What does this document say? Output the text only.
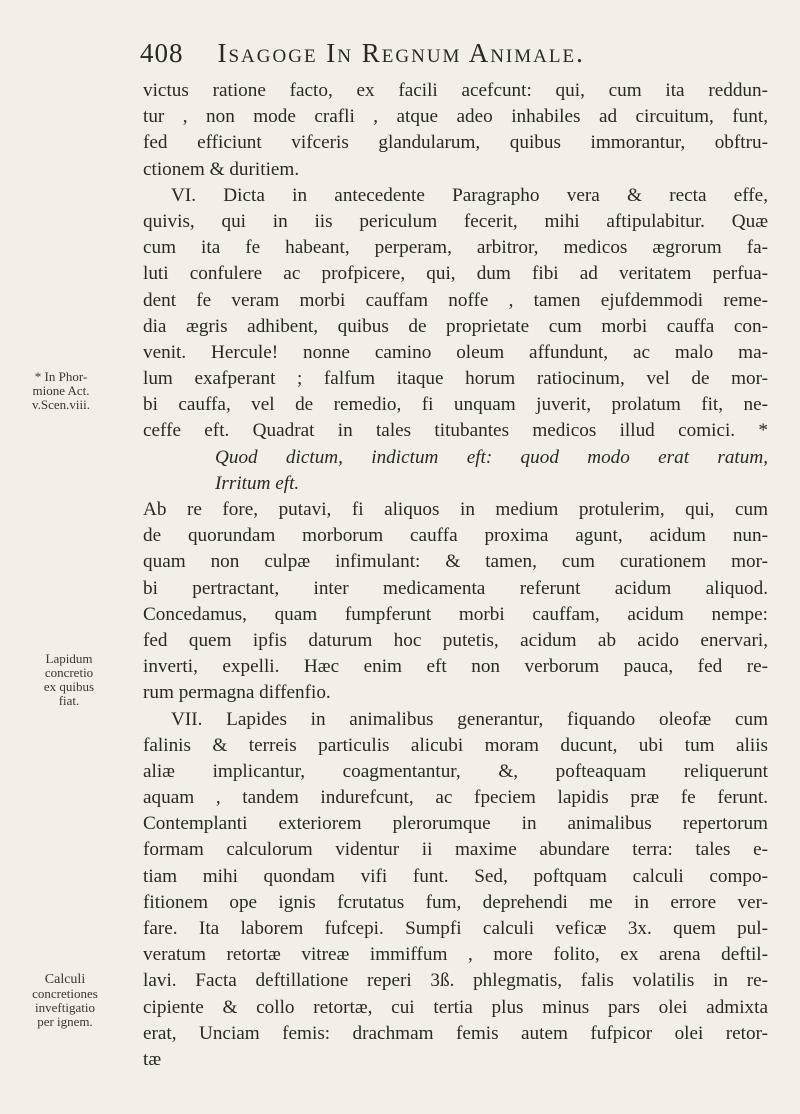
408 Isagoge In Regnum Animale.
victus ratione facto, ex facili acefcunt: qui, cum ita reddun-
tur , non mode crafli , atque adeo inhabiles ad circuitum, funt,
fed efficiunt vifceris glandularum, quibus immorantur, obftru-
ctionem & duritiem.
VI. Dicta in antecedente Paragrapho vera & recta effe,
quivis, qui in iis periculum fecerit, mihi aftipulabitur. Quæ
cum ita fe habeant, perperam, arbitror, medicos ægrorum fa-
luti confulere ac profpicere, qui, dum fibi ad veritatem perfua-
dent fe veram morbi cauffam noffe , tamen ejufdemmodi reme-
dia ægris adhibent, quibus de proprietate cum morbi cauffa con-
venit. Hercule! nonne camino oleum affundunt, ac malo ma-
lum exafperant ; falfum itaque horum ratiocinum, vel de mor-
bi cauffa, vel de remedio, fi unquam juverit, prolatum fit, ne-
ceffe eft. Quadrat in tales titubantes medicos illud comici. *
Quod dictum, indictum eft: quod modo erat ratum,
Irritum eft.
Ab re fore, putavi, fi aliquos in medium protulerim, qui, cum
de quorundam morborum cauffa proxima agunt, acidum nun-
quam non culpæ infimulant: & tamen, cum curationem mor-
bi pertractant, inter medicamenta referunt acidum aliquod.
Concedamus, quam fumpferunt morbi cauffam, acidum nempe:
fed quem ipfis daturum hoc putetis, acidum ab acido enervari,
inverti, expelli. Hæc enim eft non verborum pauca, fed re-
rum permagna diffenfio.
VII. Lapides in animalibus generantur, fiquando oleofæ cum
falinis & terreis particulis alicubi moram ducunt, ubi tum aliis
aliæ implicantur, coagmentantur, &, pofteaquam reliquerunt
aquam , tandem indurefcunt, ac fpeciem lapidis præ fe ferunt.
Contemplanti exteriorem plerorumque in animalibus repertorum
formam calculorum videntur ii maxime abundare terra: tales e-
tiam mihi quondam vifi funt. Sed, poftquam calculi compo-
fitionem ope ignis fcrutatus fum, deprehendi me in errore ver-
fare. Ita laborem fufcepi. Sumpfi calculi veficæ 3x. quem pul-
veratum retortæ vitreæ immiffum , more folito, ex arena deftil-
lavi. Facta deftillatione reperi 3ß. phlegmatis, falis volatilis in re-
cipiente & collo retortæ, cui tertia plus minus pars olei admixta
erat, Unciam femis: drachmam femis autem fufpicor olei retor-
tæ
* In Phor-
mione Act.
v.Scen.viii.
Lapidum
concretio
ex quibus
fiat.
Calculi
concretiones
inveftigatio
per ignem.
